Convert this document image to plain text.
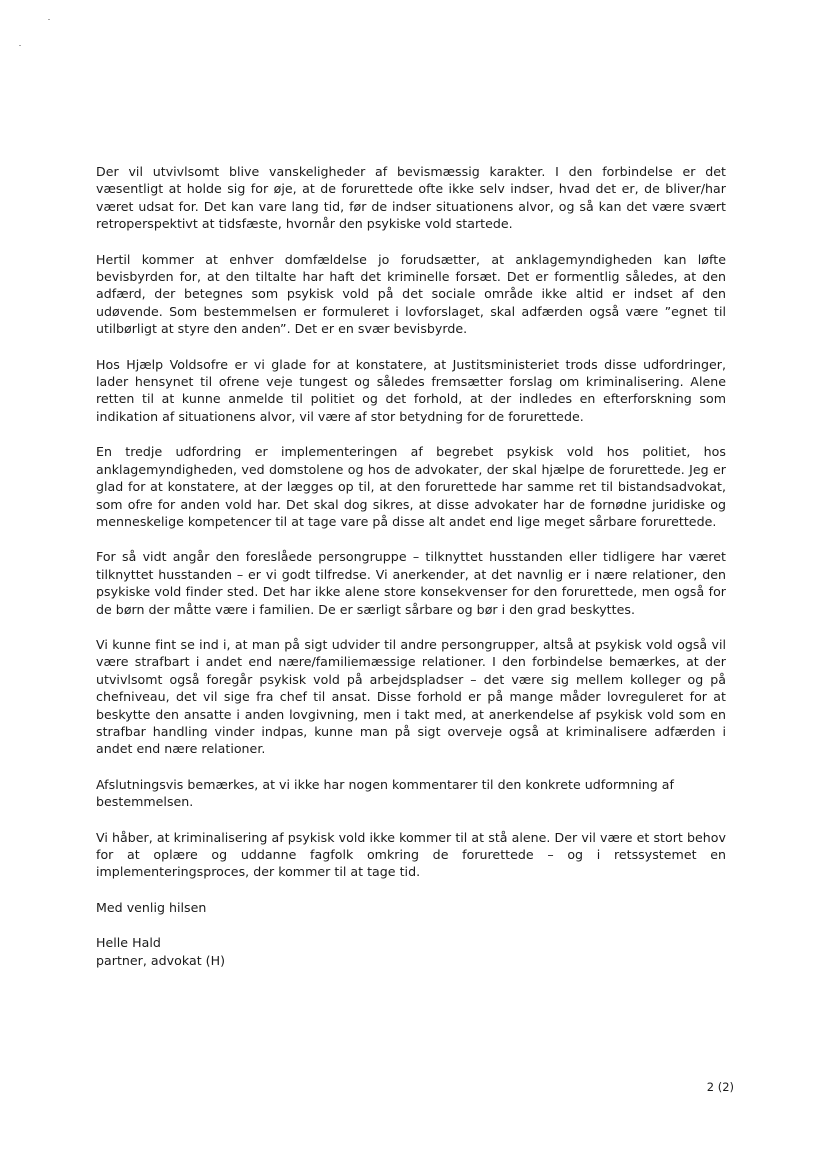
Der vil utvivlsomt blive vanskeligheder af bevismæssig karakter. I den forbindelse er det væsentligt at holde sig for øje, at de forurettede ofte ikke selv indser, hvad det er, de bliver/har været udsat for. Det kan vare lang tid, før de indser situationens alvor, og så kan det være svært retroperspektivt at tidsfæste, hvornår den psykiske vold startede.

Hertil kommer at enhver domfældelse jo forudsætter, at anklagemyndigheden kan løfte bevisbyrden for, at den tiltalte har haft det kriminelle forsæt. Det er formentlig således, at den adfærd, der betegnes som psykisk vold på det sociale område ikke altid er indset af den udøvende. Som bestemmelsen er formuleret i lovforslaget, skal adfærden også være ”egnet til utilbørligt at styre den anden”. Det er en svær bevisbyrde.

Hos Hjælp Voldsofre er vi glade for at konstatere, at Justitsministeriet trods disse udfordringer, lader hensynet til ofrene veje tungest og således fremsætter forslag om kriminalisering. Alene retten til at kunne anmelde til politiet og det forhold, at der indledes en efterforskning som indikation af situationens alvor, vil være af stor betydning for de forurettede.

En tredje udfordring er implementeringen af begrebet psykisk vold hos politiet, hos anklagemyndigheden, ved domstolene og hos de advokater, der skal hjælpe de forurettede. Jeg er glad for at konstatere, at der lægges op til, at den forurettede har samme ret til bistandsadvokat, som ofre for anden vold har. Det skal dog sikres, at disse advokater har de fornødne juridiske og menneskelige kompetencer til at tage vare på disse alt andet end lige meget sårbare forurettede.

For så vidt angår den foreslåede persongruppe – tilknyttet husstanden eller tidligere har været tilknyttet husstanden – er vi godt tilfredse. Vi anerkender, at det navnlig er i nære relationer, den psykiske vold finder sted. Det har ikke alene store konsekvenser for den forurettede, men også for de børn der måtte være i familien. De er særligt sårbare og bør i den grad beskyttes.

Vi kunne fint se ind i, at man på sigt udvider til andre persongrupper, altså at psykisk vold også vil være strafbart i andet end nære/familiemæssige relationer. I den forbindelse bemærkes, at der utvivlsomt også foregår psykisk vold på arbejdspladser – det være sig mellem kolleger og på chefniveau, det vil sige fra chef til ansat. Disse forhold er på mange måder lovreguleret for at beskytte den ansatte i anden lovgivning, men i takt med, at anerkendelse af psykisk vold som en strafbar handling vinder indpas, kunne man på sigt overveje også at kriminalisere adfærden i andet end nære relationer.

Afslutningsvis bemærkes, at vi ikke har nogen kommentarer til den konkrete udformning af bestemmelsen.

Vi håber, at kriminalisering af psykisk vold ikke kommer til at stå alene. Der vil være et stort behov for at oplære og uddanne fagfolk omkring de forurettede – og i retssystemet en implementeringsproces, der kommer til at tage tid.

Med venlig hilsen

Helle Hald

partner, advokat (H)

2 (2)
